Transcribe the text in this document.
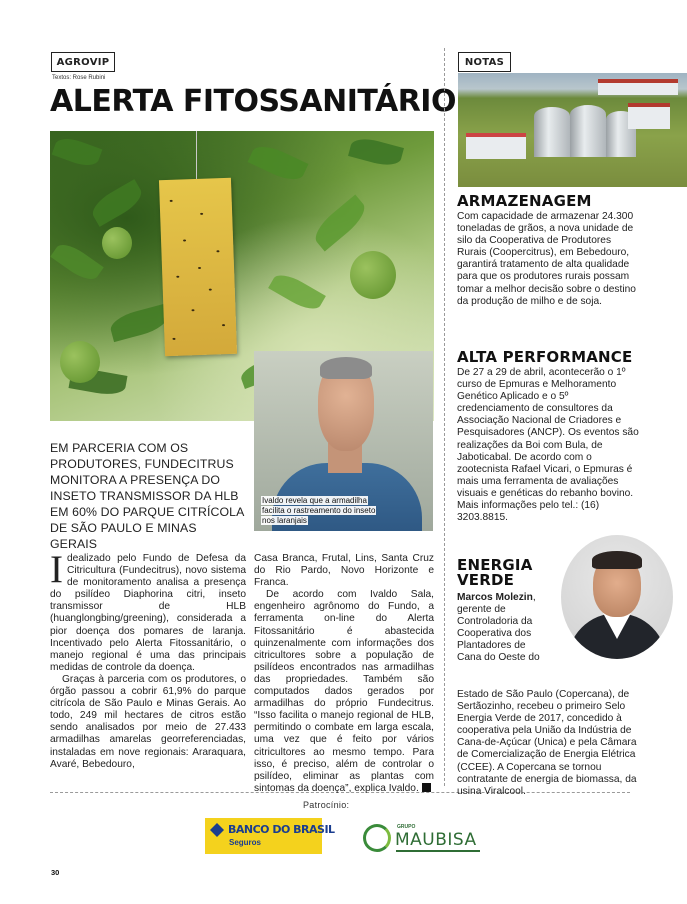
AGROVIP
Textos: Rose Rubini
ALERTA FITOSSANITÁRIO
NOTAS
Ivaldo revela que a armadilha facilita o rastreamento do inseto nos laranjais
EM PARCERIA COM OS PRODUTORES, FUNDECITRUS MONITORA A PRESENÇA DO INSETO TRANSMISSOR DA HLB EM 60% DO PARQUE CITRÍCOLA DE SÃO PAULO E MINAS GERAIS

Idealizado pelo Fundo de Defesa da Citricultura (Fundecitrus), novo sistema de monitoramento analisa a presença do psilídeo Diaphorina citri, inseto transmissor de HLB (huanglongbing/greening), considerada a pior doença dos pomares de laranja. Incentivado pelo Alerta Fitossanitário, o manejo regional é uma das principais medidas de controle da doença.

Graças à parceria com os produtores, o órgão passou a cobrir 61,9% do parque citrícola de São Paulo e Minas Gerais. Ao todo, 249 mil hectares de citros estão sendo analisados por meio de 27.433 armadilhas amarelas georreferenciadas, instaladas em nove regionais: Araraquara, Avaré, Bebedouro,

Casa Branca, Frutal, Lins, Santa Cruz do Rio Pardo, Novo Horizonte e Franca.

De acordo com Ivaldo Sala, engenheiro agrônomo do Fundo, a ferramenta on-line do Alerta Fitossanitário é abastecida quinzenalmente com informações dos citricultores sobre a população de psilídeos encontrados nas armadilhas das propriedades. Também são computados dados gerados por armadilhas do próprio Fundecitrus. “Isso facilita o manejo regional de HLB, permitindo o combate em larga escala, uma vez que é feito por vários citricultores ao mesmo tempo. Para isso, é preciso, além de controlar o psilídeo, eliminar as plantas com sintomas da doença”, explica Ivaldo.

ARMAZENAGEM
Com capacidade de armazenar 24.300 toneladas de grãos, a nova unidade de silo da Cooperativa de Produtores Rurais (Coopercitrus), em Bebedouro, garantirá tratamento de alta qualidade para que os produtores rurais possam tomar a melhor decisão sobre o destino da produção de milho e de soja.
ALTA PERFORMANCE
De 27 a 29 de abril, acontecerão o 1º curso de Epmuras e Melhoramento Genético Aplicado e o 5º credenciamento de consultores da Associação Nacional de Criadores e Pesquisadores (ANCP). Os eventos são realizações da Boi com Bula, de Jaboticabal. De acordo com o zootecnista Rafael Vicari, o Epmuras é mais uma ferramenta de avaliações visuais e genéticas do rebanho bovino. Mais informações pelo tel.: (16) 3203.8815.
ENERGIA
VERDE
Marcos Molezin, gerente de Controladoria da Cooperativa dos Plantadores de Cana do Oeste do
Estado de São Paulo (Copercana), de Sertãozinho, recebeu o primeiro Selo Energia Verde de 2017, concedido à cooperativa pela União da Indústria de Cana-de-Açúcar (Unica) e pela Câmara de Comercialização de Energia Elétrica (CCEE). A Copercana se tornou contratante de energia de biomassa, da usina Viralcool.
Patrocínio:
BANCO DO BRASIL
Seguros
GRUPO
MAUBISA
30
